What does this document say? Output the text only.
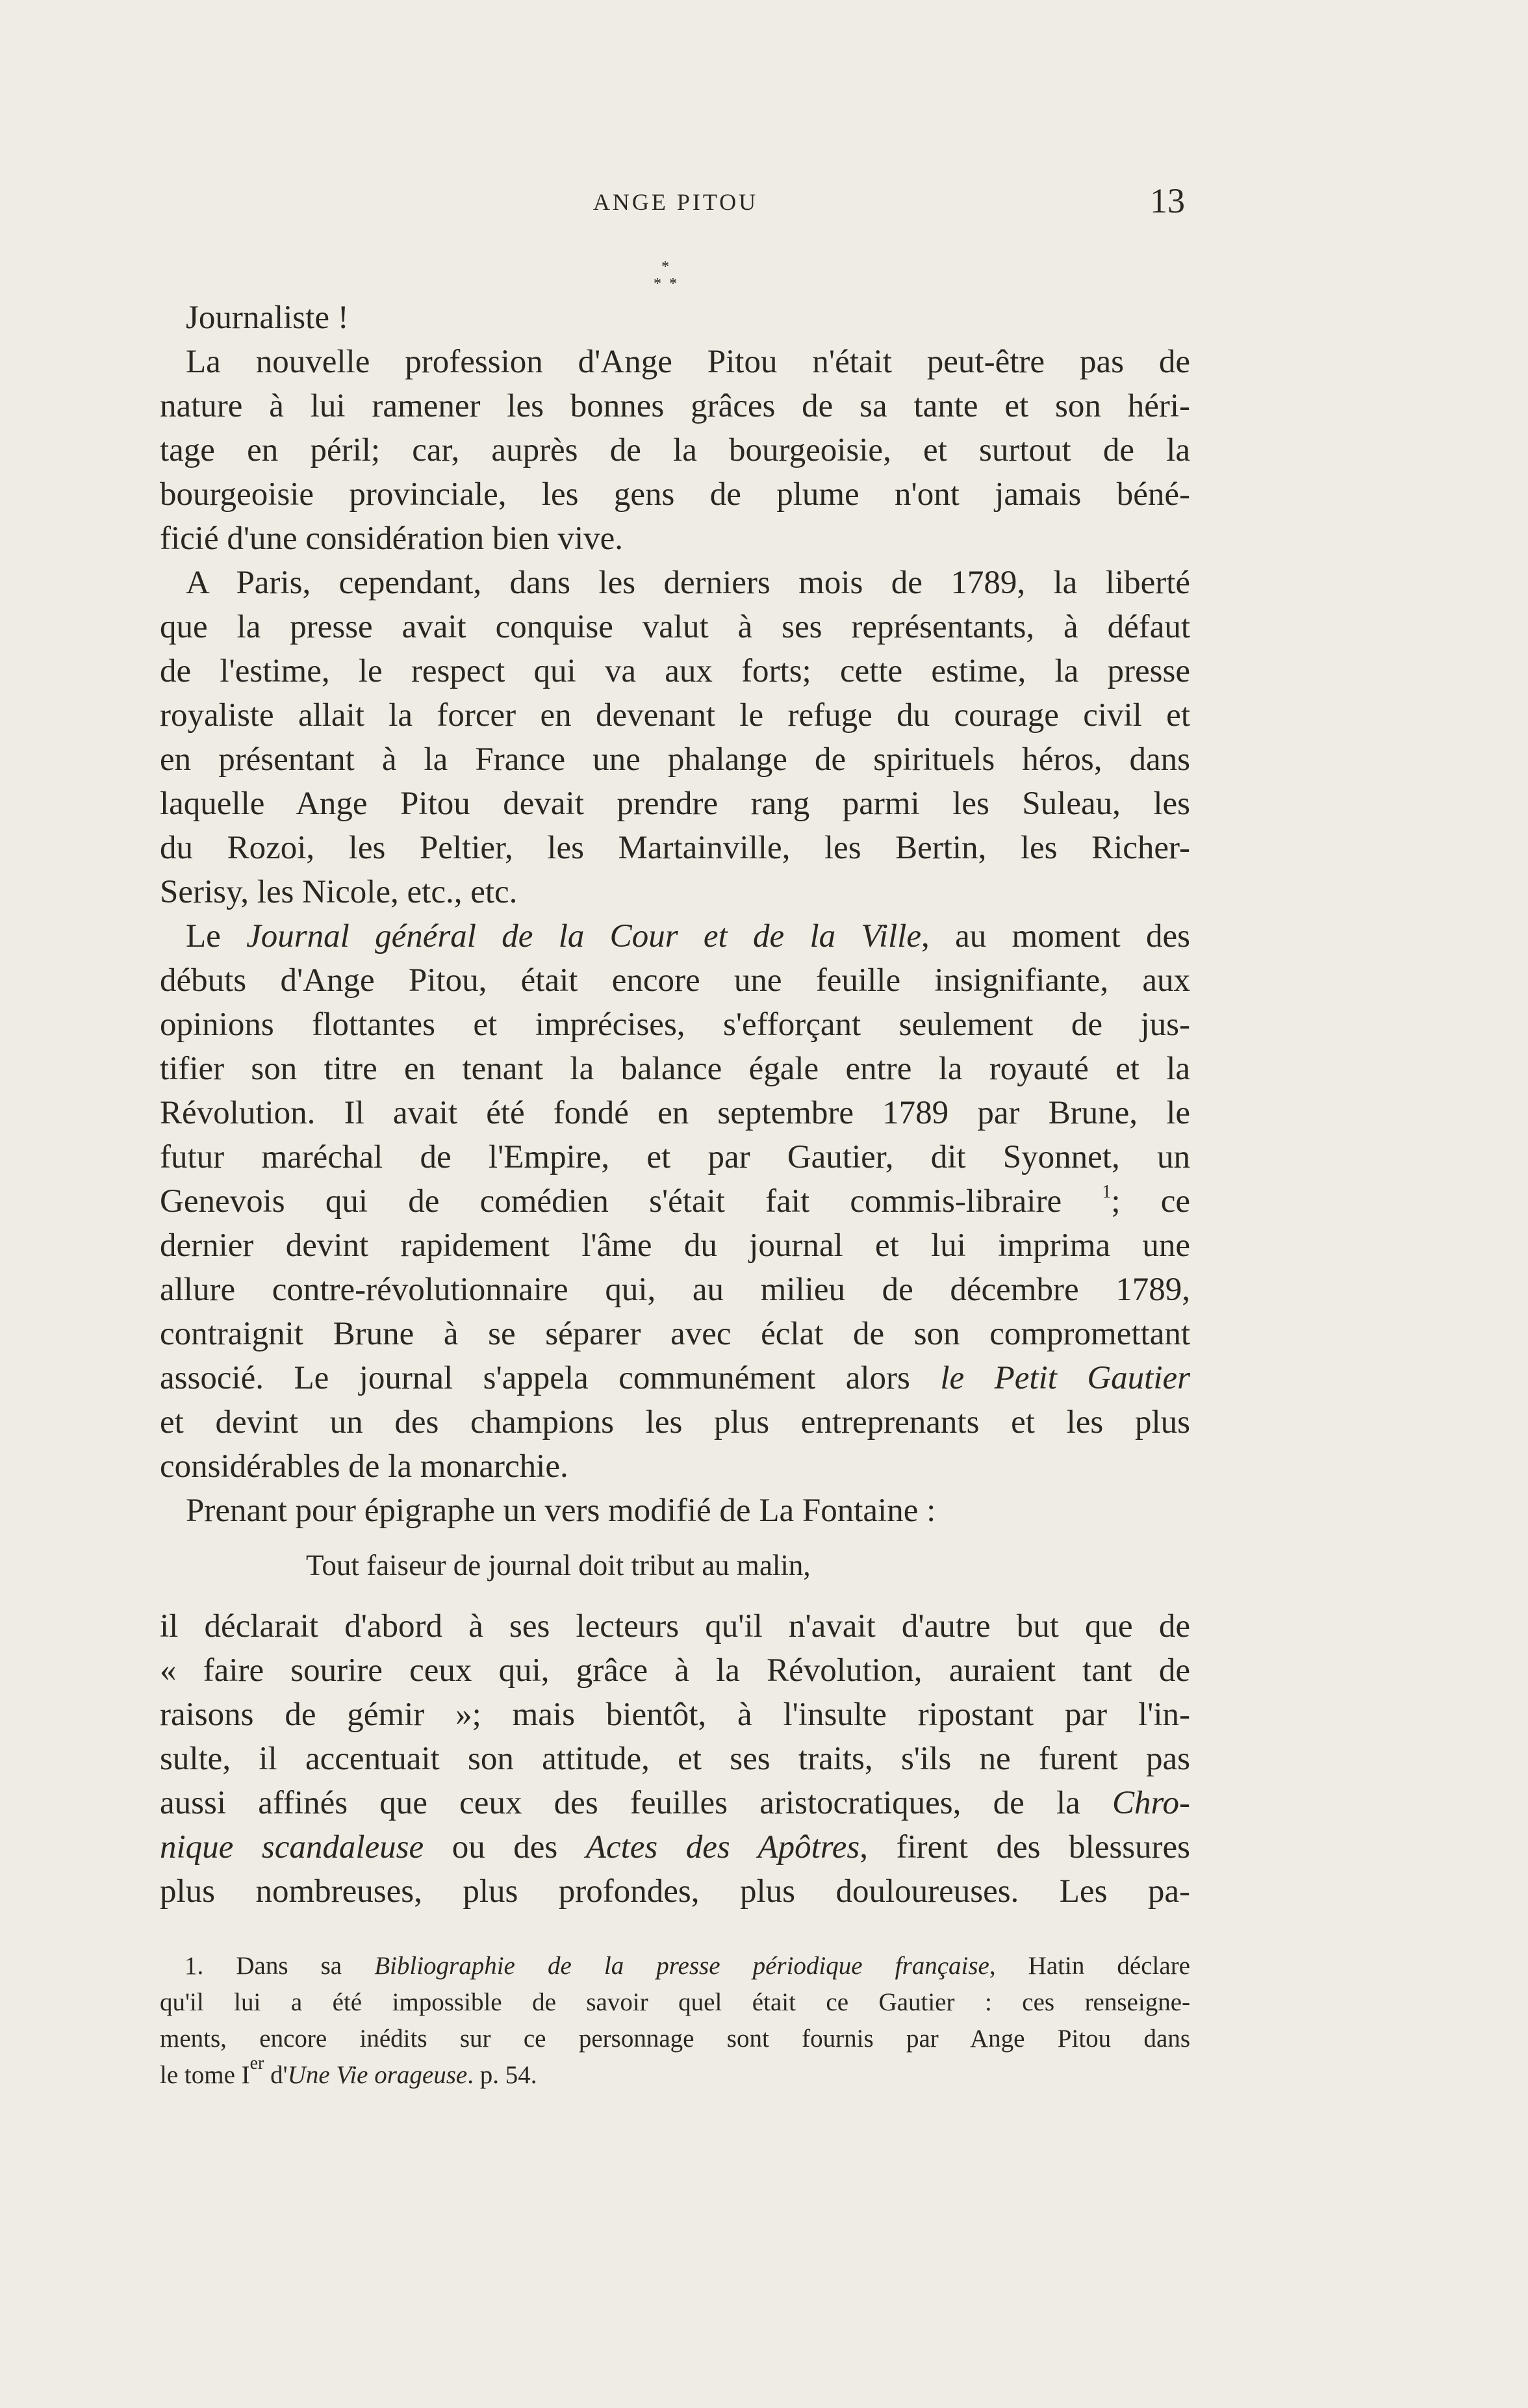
ANGE PITOU	13
*
*  *
Journaliste !
La nouvelle profession d'Ange Pitou n'était peut-être pas de
nature à lui ramener les bonnes grâces de sa tante et son héri-
tage en péril; car, auprès de la bourgeoisie, et surtout de la
bourgeoisie provinciale, les gens de plume n'ont jamais béné-
ficié d'une considération bien vive.
A Paris, cependant, dans les derniers mois de 1789, la liberté
que la presse avait conquise valut à ses représentants, à défaut
de l'estime, le respect qui va aux forts; cette estime, la presse
royaliste allait la forcer en devenant le refuge du courage civil et
en présentant à la France une phalange de spirituels héros, dans
laquelle Ange Pitou devait prendre rang parmi les Suleau, les
du Rozoi, les Peltier, les Martainville, les Bertin, les Richer-
Serisy, les Nicole, etc., etc.
Le Journal général de la Cour et de la Ville, au moment des
débuts d'Ange Pitou, était encore une feuille insignifiante, aux
opinions flottantes et imprécises, s'efforçant seulement de jus-
tifier son titre en tenant la balance égale entre la royauté et la
Révolution. Il avait été fondé en septembre 1789 par Brune, le
futur maréchal de l'Empire, et par Gautier, dit Syonnet, un
Genevois qui de comédien s'était fait commis-libraire $^1$; ce
dernier devint rapidement l'âme du journal et lui imprima une
allure contre-révolutionnaire qui, au milieu de décembre 1789,
contraignit Brune à se séparer avec éclat de son compromettant
associé. Le journal s'appela communément alors le Petit Gautier
et devint un des champions les plus entreprenants et les plus
considérables de la monarchie.
Prenant pour épigraphe un vers modifié de La Fontaine :
Tout faiseur de journal doit tribut au malin,
il déclarait d'abord à ses lecteurs qu'il n'avait d'autre but que de
« faire sourire ceux qui, grâce à la Révolution, auraient tant de
raisons de gémir »; mais bientôt, à l'insulte ripostant par l'in-
sulte, il accentuait son attitude, et ses traits, s'ils ne furent pas
aussi affinés que ceux des feuilles aristocratiques, de la Chro-
nique scandaleuse ou des Actes des Apôtres, firent des blessures
plus nombreuses, plus profondes, plus douloureuses. Les pa-
1. Dans sa Bibliographie de la presse périodique française, Hatin déclare
qu'il lui a été impossible de savoir quel était ce Gautier : ces renseigne-
ments, encore inédits sur ce personnage sont fournis par Ange Pitou dans
le tome Ier d'Une Vie orageuse. p. 54.
